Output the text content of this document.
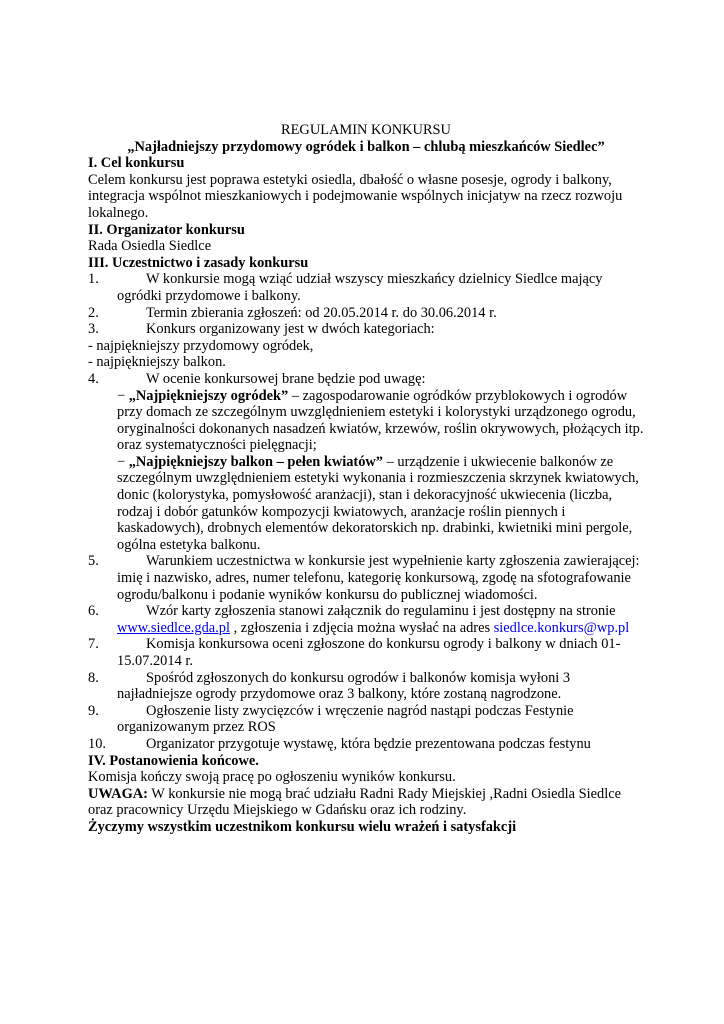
REGULAMIN KONKURSU

„Najładniejszy przydomowy ogródek i balkon – chlubą mieszkańców Siedlec”

I. Cel konkursu

Celem konkursu jest poprawa estetyki osiedla, dbałość o własne posesje, ogrody i balkony, integracja wspólnot mieszkaniowych i podejmowanie wspólnych inicjatyw na rzecz rozwoju lokalnego.

II. Organizator konkursu

Rada Osiedla Siedlce

III. Uczestnictwo i zasady konkursu

1.	W konkursie mogą wziąć udział wszyscy mieszkańcy dzielnicy Siedlce mający ogródki przydomowe i balkony.
2.	Termin zbierania zgłoszeń: od 20.05.2014 r. do 30.06.2014 r.
3.	Konkurs organizowany jest w dwóch kategoriach:

- najpiękniejszy przydomowy ogródek,

- najpiękniejszy balkon.

4.	W ocenie konkursowej brane będzie pod uwagę:
− „Najpiękniejszy ogródek” – zagospodarowanie ogródków przyblokowych i ogrodów przy domach ze szczególnym uwzględnieniem estetyki i kolorystyki urządzonego ogrodu, oryginalności dokonanych nasadzeń kwiatów, krzewów, roślin okrywowych, płożących itp. oraz systematyczności pielęgnacji;
− „Najpiękniejszy balkon – pełen kwiatów” – urządzenie i ukwiecenie balkonów ze szczególnym uwzględnieniem estetyki wykonania i rozmieszczenia skrzynek kwiatowych, donic (kolorystyka, pomysłowość aranżacji), stan i dekoracyjność ukwiecenia (liczba, rodzaj i dobór gatunków kompozycji kwiatowych, aranżacje roślin piennych i kaskadowych), drobnych elementów dekoratorskich np. drabinki, kwietniki mini pergole, ogólna estetyka balkonu.
5.	Warunkiem uczestnictwa w konkursie jest wypełnienie karty zgłoszenia zawierającej: imię i nazwisko, adres, numer telefonu, kategorię konkursową, zgodę na sfotografowanie ogrodu/balkonu i podanie wyników konkursu do publicznej wiadomości.
6.	Wzór karty zgłoszenia stanowi załącznik do regulaminu i jest dostępny na stronie www.siedlce.gda.pl , zgłoszenia i zdjęcia można wysłać na adres siedlce.konkurs@wp.pl
7.	Komisja konkursowa oceni zgłoszone do konkursu ogrody i balkony w dniach 01-15.07.2014 r.
8.	Spośród zgłoszonych do konkursu ogrodów i balkonów komisja wyłoni 3 najładniejsze ogrody przydomowe oraz 3 balkony, które zostaną nagrodzone.
9.	Ogłoszenie listy zwycięzców i wręczenie nagród nastąpi podczas Festynie organizowanym przez ROS
10.	Organizator przygotuje wystawę, która będzie prezentowana podczas festynu

IV. Postanowienia końcowe.

Komisja kończy swoją pracę po ogłoszeniu wyników konkursu.

UWAGA: W konkursie nie mogą brać udziału Radni Rady Miejskiej ,Radni Osiedla Siedlce oraz pracownicy Urzędu Miejskiego w Gdańsku oraz ich rodziny.

Życzymy wszystkim uczestnikom konkursu wielu wrażeń i satysfakcji
